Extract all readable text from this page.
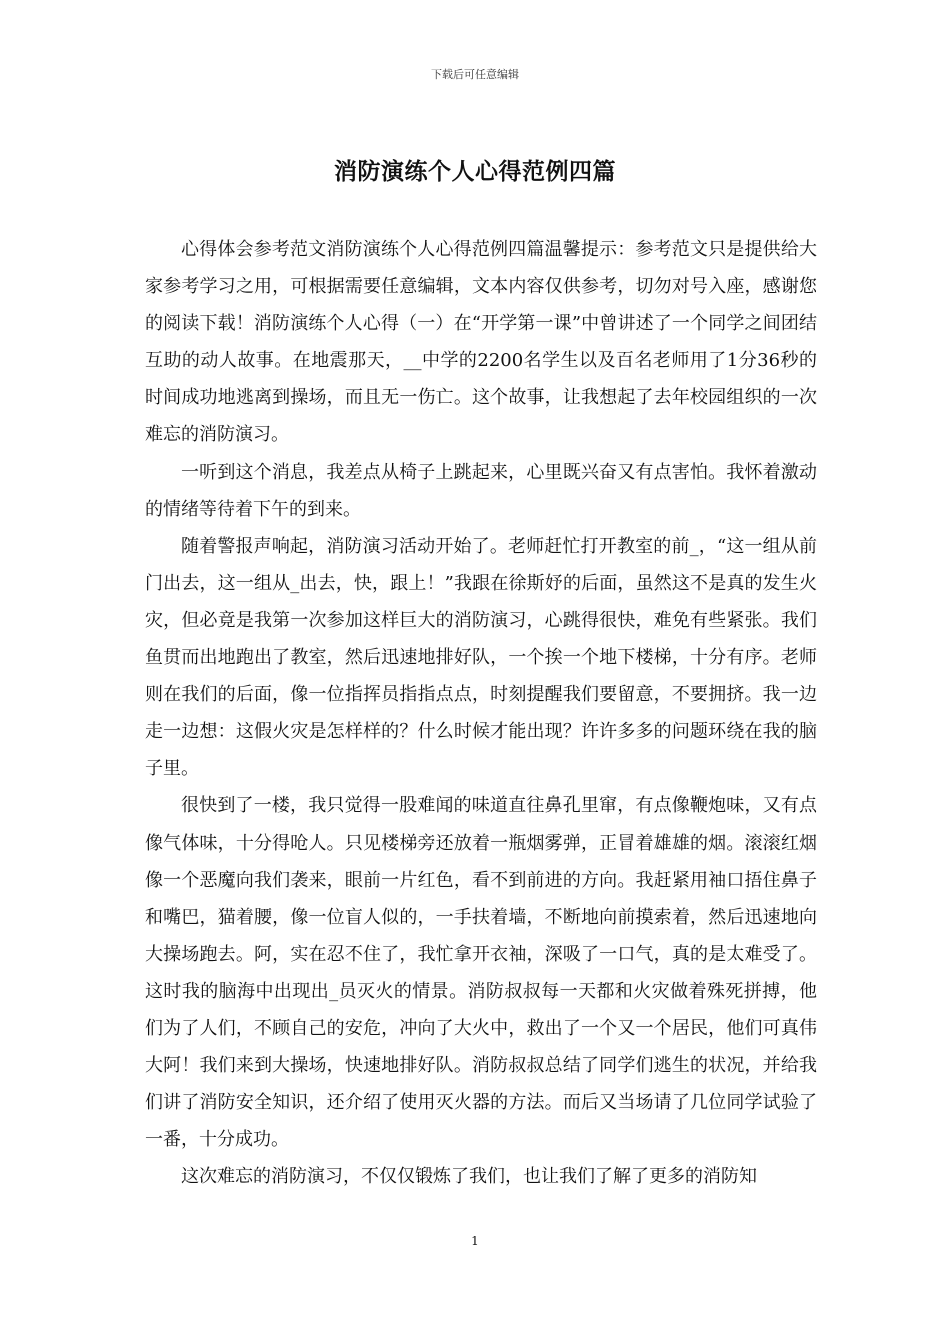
下载后可任意编辑
消防演练个人心得范例四篇

心得体会参考范文消防演练个人心得范例四篇温馨提示：参考范文只是提供给大家参考学习之用，可根据需要任意编辑，文本内容仅供参考，切勿对号入座，感谢您的阅读下载！消防演练个人心得（一）在“开学第一课”中曾讲述了一个同学之间团结互助的动人故事。在地震那天，__中学的2200名学生以及百名老师用了1分36秒的时间成功地逃离到操场，而且无一伤亡。这个故事，让我想起了去年校园组织的一次难忘的消防演习。

一听到这个消息，我差点从椅子上跳起来，心里既兴奋又有点害怕。我怀着激动的情绪等待着下午的到来。

随着警报声响起，消防演习活动开始了。老师赶忙打开教室的前_，“这一组从前门出去，这一组从_出去，快，跟上！”我跟在徐斯妤的后面，虽然这不是真的发生火灾，但必竟是我第一次参加这样巨大的消防演习，心跳得很快，难免有些紧张。我们鱼贯而出地跑出了教室，然后迅速地排好队，一个挨一个地下楼梯，十分有序。老师则在我们的后面，像一位指挥员指指点点，时刻提醒我们要留意，不要拥挤。我一边走一边想：这假火灾是怎样样的？什么时候才能出现？许许多多的问题环绕在我的脑子里。

很快到了一楼，我只觉得一股难闻的味道直往鼻孔里窜，有点像鞭炮味，又有点像气体味，十分得呛人。只见楼梯旁还放着一瓶烟雾弹，正冒着雄雄的烟。滚滚红烟像一个恶魔向我们袭来，眼前一片红色，看不到前进的方向。我赶紧用袖口捂住鼻子和嘴巴，猫着腰，像一位盲人似的，一手扶着墙，不断地向前摸索着，然后迅速地向大操场跑去。阿，实在忍不住了，我忙拿开衣袖，深吸了一口气，真的是太难受了。这时我的脑海中出现出_员灭火的情景。消防叔叔每一天都和火灾做着殊死拼搏，他们为了人们，不顾自己的安危，冲向了大火中，救出了一个又一个居民，他们可真伟大阿！我们来到大操场，快速地排好队。消防叔叔总结了同学们逃生的状况，并给我们讲了消防安全知识，还介绍了使用灭火器的方法。而后又当场请了几位同学试验了一番，十分成功。

这次难忘的消防演习，不仅仅锻炼了我们，也让我们了解了更多的消防知

1
